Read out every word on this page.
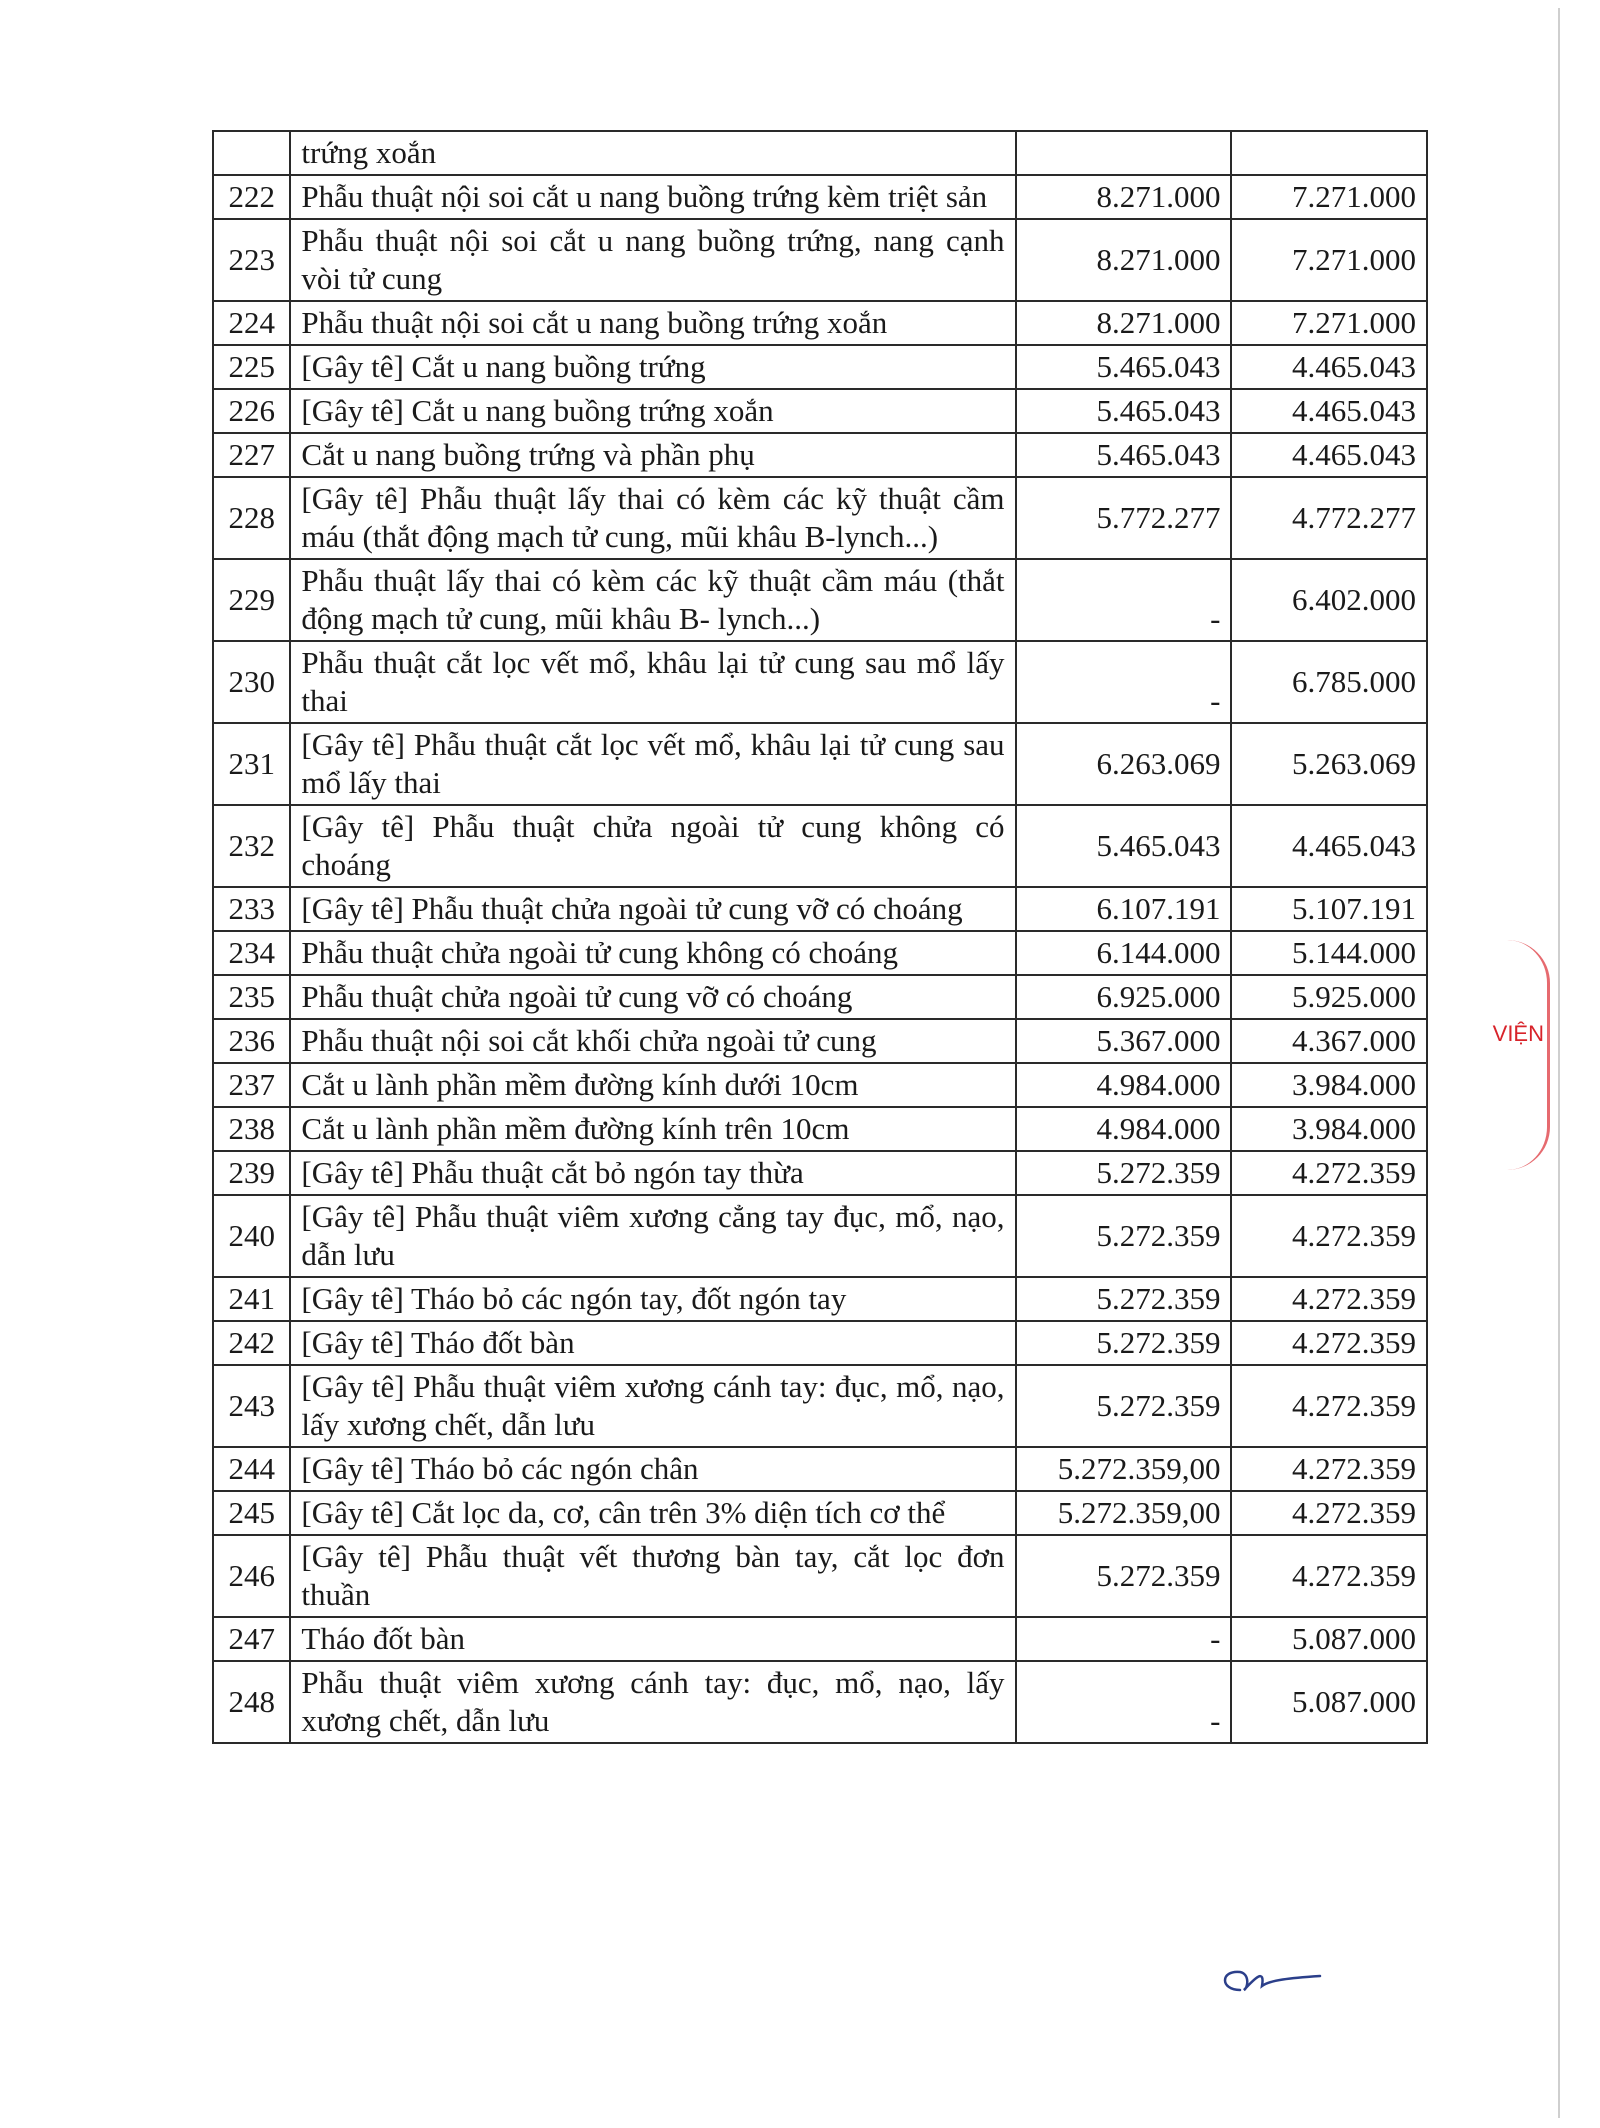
	trứng xoắn		
222	Phẫu thuật nội soi cắt u nang buồng trứng kèm triệt sản	8.271.000	7.271.000
223	Phẫu thuật nội soi cắt u nang buồng trứng, nang cạnh vòi tử cung	8.271.000	7.271.000
224	Phẫu thuật nội soi cắt u nang buồng trứng xoắn	8.271.000	7.271.000
225	[Gây tê] Cắt u nang buồng trứng	5.465.043	4.465.043
226	[Gây tê] Cắt u nang buồng trứng xoắn	5.465.043	4.465.043
227	Cắt u nang buồng trứng và phần phụ	5.465.043	4.465.043
228	[Gây tê] Phẫu thuật lấy thai có kèm các kỹ thuật cầm máu (thắt động mạch tử cung, mũi khâu B-lynch...)	5.772.277	4.772.277
229	Phẫu thuật lấy thai có kèm các kỹ thuật cầm máu (thắt động mạch tử cung, mũi khâu B- lynch...)	-	6.402.000
230	Phẫu thuật cắt lọc vết mổ, khâu lại tử cung sau mổ lấy thai	-	6.785.000
231	[Gây tê] Phẫu thuật cắt lọc vết mổ, khâu lại tử cung sau mổ lấy thai	6.263.069	5.263.069
232	[Gây tê] Phẫu thuật chửa ngoài tử cung không có choáng	5.465.043	4.465.043
233	[Gây tê] Phẫu thuật chửa ngoài tử cung vỡ có choáng	6.107.191	5.107.191
234	Phẫu thuật chửa ngoài tử cung không có choáng	6.144.000	5.144.000
235	Phẫu thuật chửa ngoài tử cung vỡ có choáng	6.925.000	5.925.000
236	Phẫu thuật nội soi cắt khối chửa ngoài tử cung	5.367.000	4.367.000
237	Cắt u lành phần mềm đường kính dưới 10cm	4.984.000	3.984.000
238	Cắt u lành phần mềm đường kính trên 10cm	4.984.000	3.984.000
239	[Gây tê] Phẫu thuật cắt bỏ ngón tay thừa	5.272.359	4.272.359
240	[Gây tê] Phẫu thuật viêm xương cẳng tay đục, mổ, nạo, dẫn lưu	5.272.359	4.272.359
241	[Gây tê] Tháo bỏ các ngón tay, đốt ngón tay	5.272.359	4.272.359
242	[Gây tê] Tháo đốt bàn	5.272.359	4.272.359
243	[Gây tê] Phẫu thuật viêm xương cánh tay: đục, mổ, nạo, lấy xương chết, dẫn lưu	5.272.359	4.272.359
244	[Gây tê] Tháo bỏ các ngón chân	5.272.359,00	4.272.359
245	[Gây tê] Cắt lọc da, cơ, cân trên 3% diện tích cơ thể	5.272.359,00	4.272.359
246	[Gây tê] Phẫu thuật vết thương bàn tay, cắt lọc đơn thuần	5.272.359	4.272.359
247	Tháo đốt bàn	-	5.087.000
248	Phẫu thuật viêm xương cánh tay: đục, mổ, nạo, lấy xương chết, dẫn lưu	-	5.087.000
VIỆN
